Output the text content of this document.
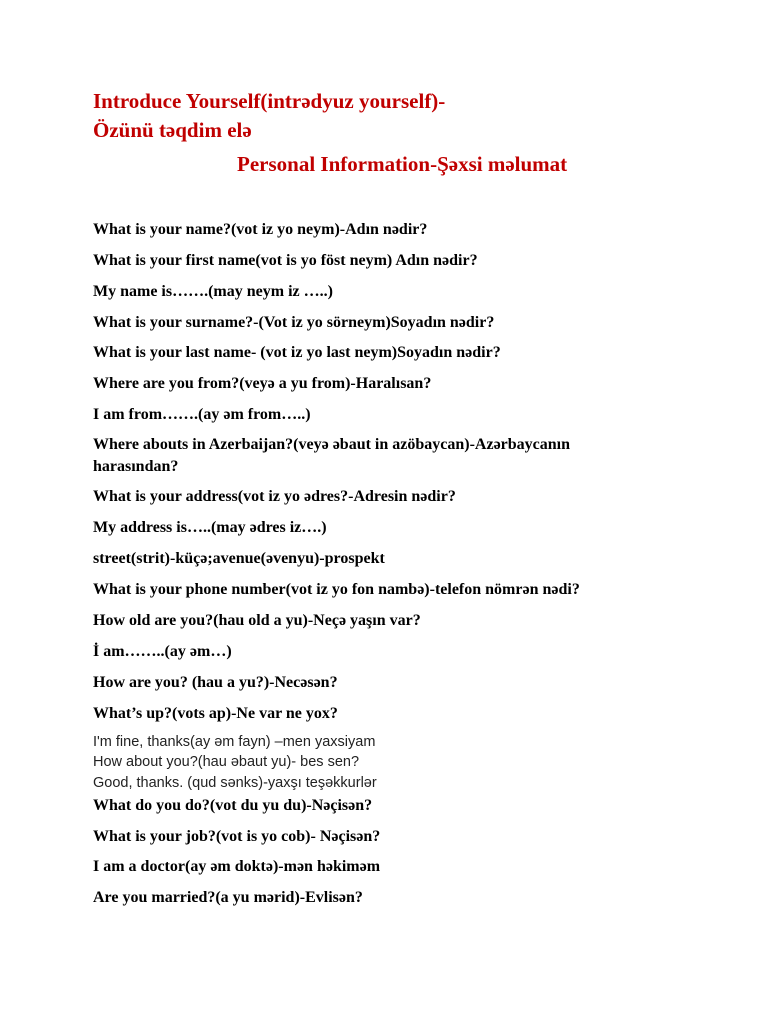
Introduce Yourself(intrədyuz yourself)-
Özünü təqdim elə
Personal Information-Şəxsi məlumat
What is your name?(vot iz yo neym)-Adın nədir?
What is your first name(vot is yo föst neym) Adın nədir?
My name is…….(may neym iz …..)
What is your surname?-(Vot iz yo sörneym)Soyadın nədir?
What is your last name- (vot iz yo last neym)Soyadın nədir?
Where are you from?(veyə a yu from)-Haralısan?
I am from…….(ay əm from…..)
Where abouts in Azerbaijan?(veyə əbaut in azöbaycan)-Azərbaycanın
harasından?
What is your address(vot iz yo ədres?-Adresin nədir?
My address is…..(may ədres iz….)
street(strit)-küçə;avenue(əvenyu)-prospekt
What is your phone number(vot iz yo fon nambə)-telefon nömrən nədi?
How old are you?(hau old a yu)-Neçə yaşın var?
İ am……..(ay əm…)
How are you? (hau a yu?)-Necəsən?
What’s up?(vots ap)-Ne var ne yox?
I'm fine, thanks(ay əm fayn) –men yaxsiyam
How about you?(hau əbaut yu)- bes sen?
Good, thanks. (qud sənks)-yaxşı teşəkkurlər
What do you do?(vot du yu du)-Nəçisən?
What is your job?(vot is yo cob)- Nəçisən?
I am a doctor(ay əm doktə)-mən həkiməm
Are you married?(a yu mərid)-Evlisən?
